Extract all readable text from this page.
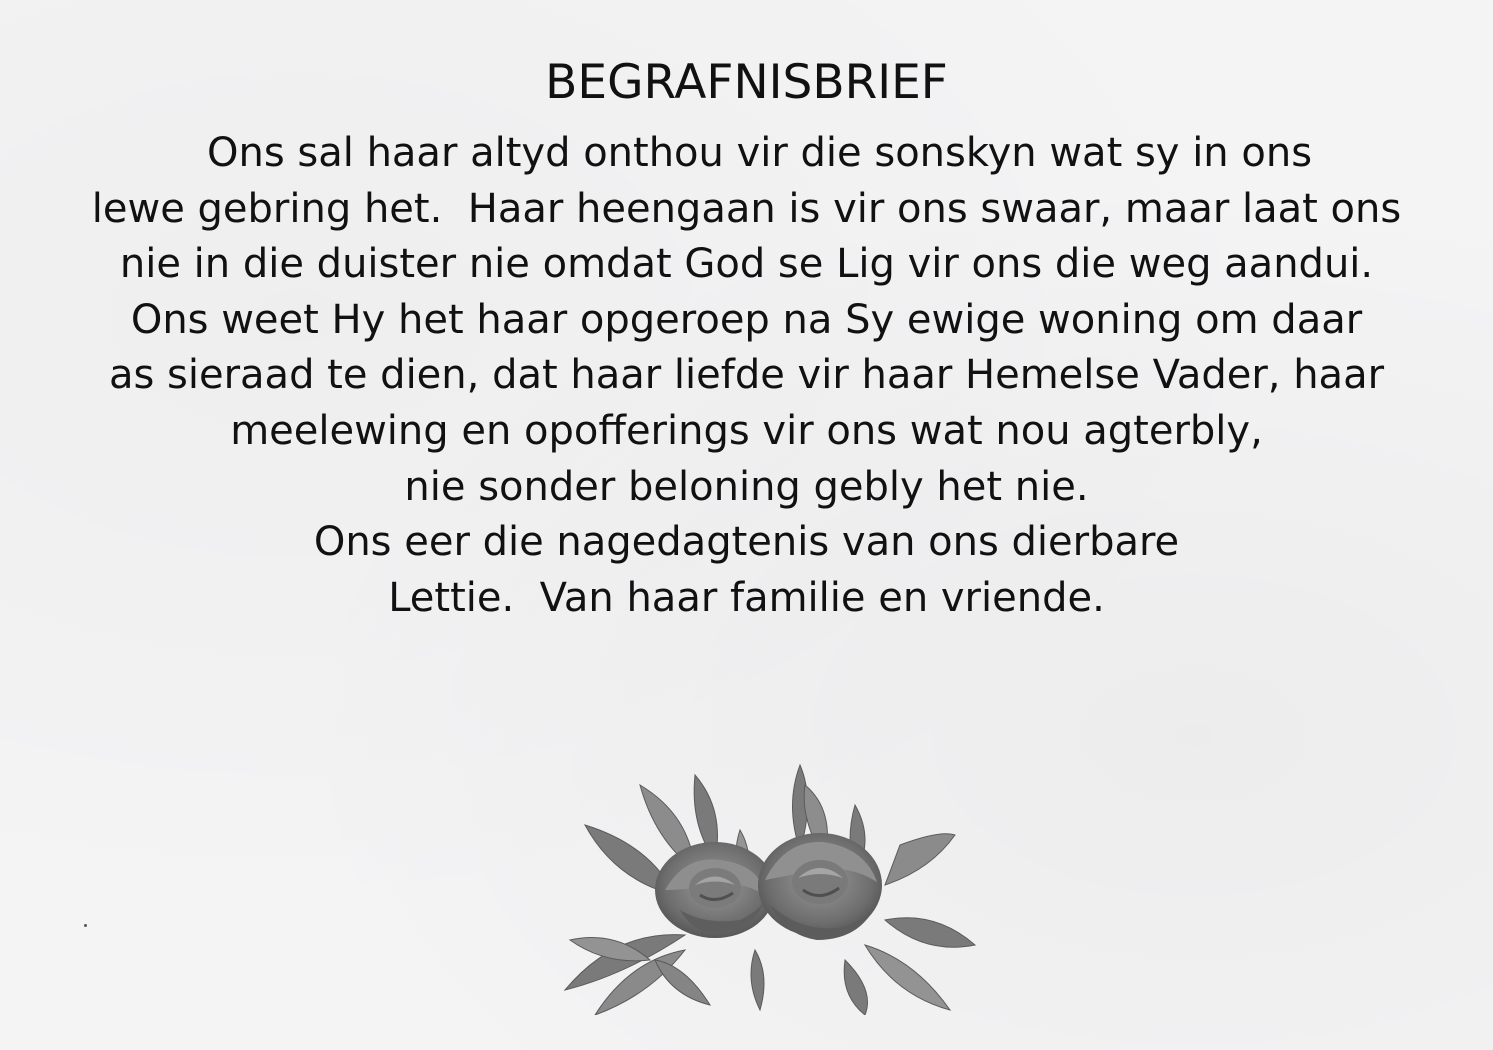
BEGRAFNISBRIEF
Ons sal haar altyd onthou vir die sonskyn wat sy in ons
lewe gebring het.  Haar heengaan is vir ons swaar, maar laat ons
nie in die duister nie omdat God se Lig vir ons die weg aandui.
Ons weet Hy het haar opgeroep na Sy ewige woning om daar
as sieraad te dien, dat haar liefde vir haar Hemelse Vader, haar
meelewing en opofferings vir ons wat nou agterbly,
nie sonder beloning gebly het nie.
Ons eer die nagedagtenis van ons dierbare
Lettie.  Van haar familie en vriende.
